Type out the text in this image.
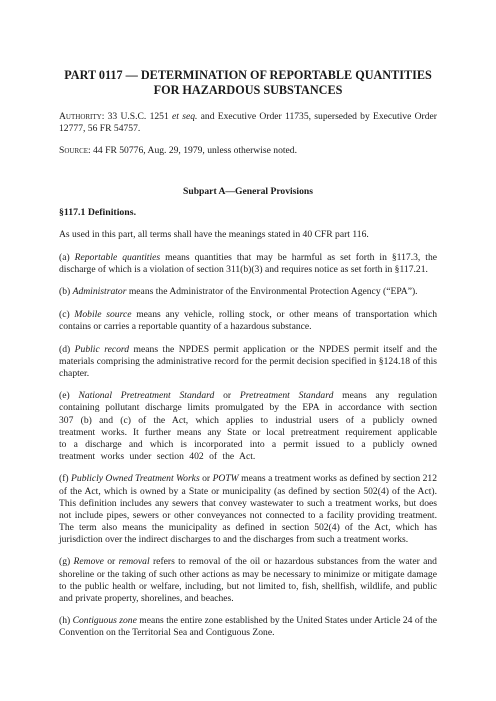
PART 0117 — DETERMINATION OF REPORTABLE QUANTITIES
FOR HAZARDOUS SUBSTANCES

Authority: 33 U.S.C. 1251 et seq. and Executive Order 11735, superseded by Executive Order 12777, 56 FR 54757.

Source: 44 FR 50776, Aug. 29, 1979, unless otherwise noted.

Subpart A—General Provisions
§117.1 Definitions.

As used in this part, all terms shall have the meanings stated in 40 CFR part 116.

(a) Reportable quantities means quantities that may be harmful as set forth in §117.3, the discharge of which is a violation of section 311(b)(3) and requires notice as set forth in §117.21.

(b) Administrator means the Administrator of the Environmental Protection Agency (“EPA”).

(c) Mobile source means any vehicle, rolling stock, or other means of transportation which contains or carries a reportable quantity of a hazardous substance.

(d) Public record means the NPDES permit application or the NPDES permit itself and the materials comprising the administrative record for the permit decision specified in §124.18 of this chapter.

(e) National Pretreatment Standard or Pretreatment Standard means any regulation containing pollutant discharge limits promulgated by the EPA in accordance with section 307 (b) and (c) of the Act, which applies to industrial users of a publicly owned treatment works. It further means any State or local pretreatment requirement applicable to a discharge and which is incorporated into a permit issued to a publicly owned treatment works under section 402 of the Act.

(f) Publicly Owned Treatment Works or POTW means a treatment works as defined by section 212 of the Act, which is owned by a State or municipality (as defined by section 502(4) of the Act). This definition includes any sewers that convey wastewater to such a treatment works, but does not include pipes, sewers or other conveyances not connected to a facility providing treatment. The term also means the municipality as defined in section 502(4) of the Act, which has jurisdiction over the indirect discharges to and the discharges from such a treatment works.

(g) Remove or removal refers to removal of the oil or hazardous substances from the water and shoreline or the taking of such other actions as may be necessary to minimize or mitigate damage to the public health or welfare, including, but not limited to, fish, shellfish, wildlife, and public and private property, shorelines, and beaches.

(h) Contiguous zone means the entire zone established by the United States under Article 24 of the Convention on the Territorial Sea and Contiguous Zone.
